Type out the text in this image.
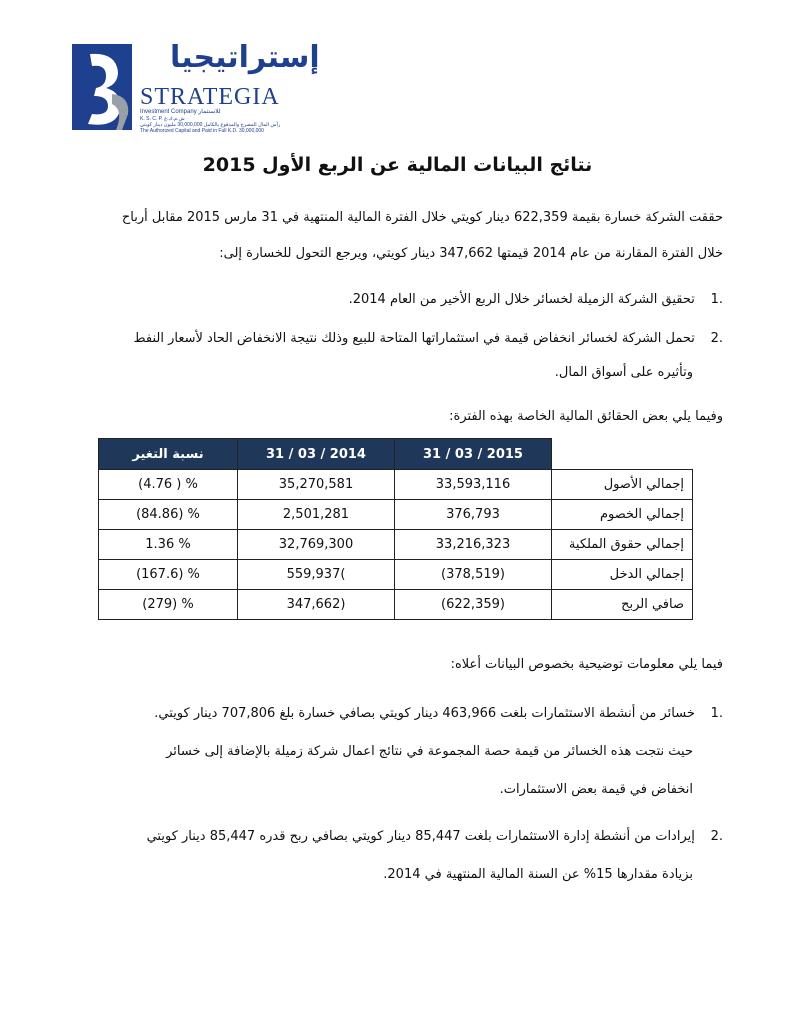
إستراتيجيا
STRATEGIA
Investment Company للاستثمار
K. S. C. P. ش.م.ك.ع
رأس المال المصرح والمدفوع بالكامل 30,000,000 مليون دينار كويتي
The Authorized Capital and Paid in Full K.D. 30,000,000
نتائج البيانات المالية عن الربع الأول 2015

حققت الشركة خسارة بقيمة 622,359 دينار كويتي خلال الفترة المالية المنتهية في 31 مارس 2015 مقابل أرباح

خلال الفترة المقارنة من عام 2014 قيمتها 347,662 دينار كويتي، ويرجع التحول للخسارة إلى:

.1 تحقيق الشركة الزميلة لخسائر خلال الربع الأخير من العام 2014.
.2 تحمل الشركة لخسائر انخفاض قيمة في استثماراتها المتاحة للبيع وذلك نتيجة الانخفاض الحاد لأسعار النفط
وتأثيره على أسواق المال.
وفيما يلي بعض الحقائق المالية الخاصة بهذه الفترة:
نسبة التغير	31 / 03 / 2014	31 / 03 / 2015	
(4.76 ) %	35,270,581	33,593,116	إجمالي الأصول
(84.86) %	2,501,281	376,793	إجمالي الخصوم
1.36 %	32,769,300	33,216,323	إجمالي حقوق الملكية
(167.6) %	559,937(	(378,519)	إجمالي الدخل
(279) %	347,662)	(622,359)	صافي الربح
فيما يلي معلومات توضيحية بخصوص البيانات أعلاه:
.1 خسائر من أنشطة الاستثمارات بلغت 463,966 دينار كويتي بصافي خسارة بلغ 707,806 دينار كويتي.
حيث نتجت هذه الخسائر من قيمة حصة المجموعة في نتائج اعمال شركة زميلة بالإضافة إلى خسائر
انخفاض في قيمة بعض الاستثمارات.
.2 إيرادات من أنشطة إدارة الاستثمارات بلغت 85,447 دينار كويتي بصافي ربح قدره 85,447 دينار كويتي
بزيادة مقدارها 15% عن السنة المالية المنتهية في 2014.
